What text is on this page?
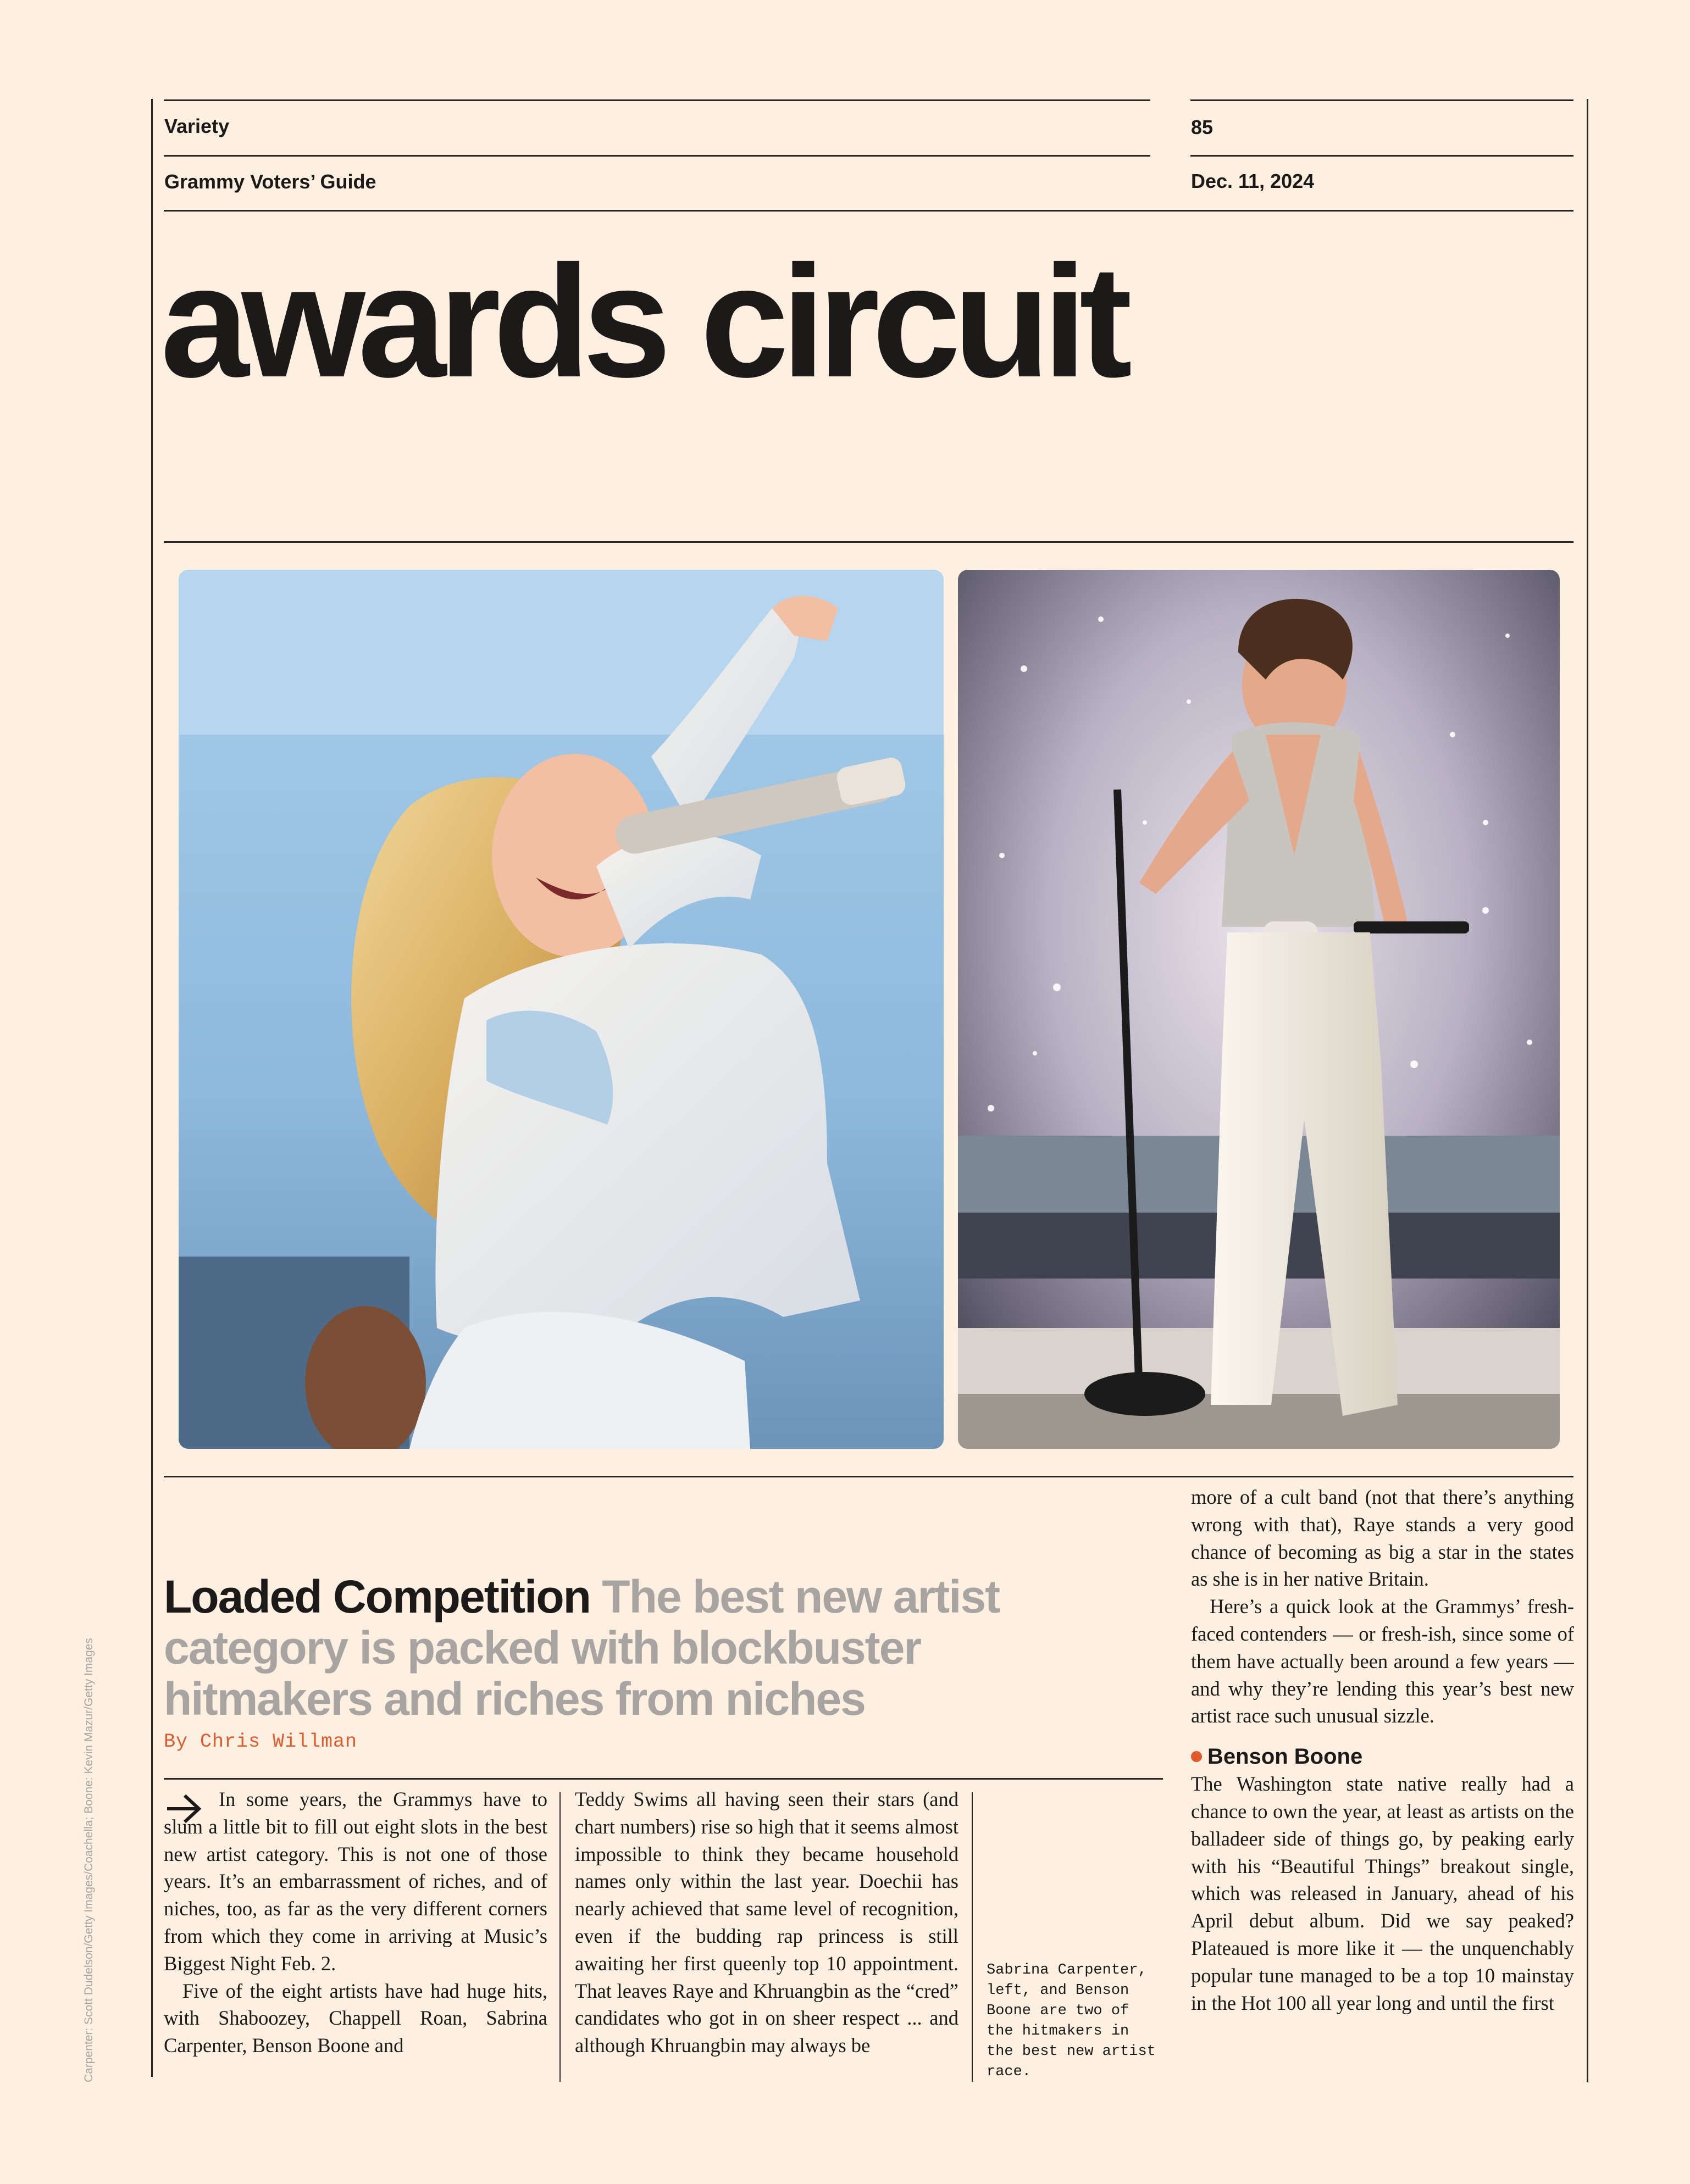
Variety	85
Grammy Voters’ Guide	Dec. 11, 2024
awards circuit
Loaded Competition The best new artist category is packed with blockbuster hitmakers and riches from niches
By Chris Willman

In some years, the Grammys have to slum a little bit to fill out eight slots in the best new artist category. This is not one of those years. It’s an embarrassment of riches, and of niches, too, as far as the very different corners from which they come in arriving at Music’s Biggest Night Feb. 2.

Five of the eight artists have had huge hits, with Shaboozey, Chappell Roan, Sabrina Carpenter, Benson Boone and

Teddy Swims all having seen their stars (and chart numbers) rise so high that it seems almost impossible to think they became household names only within the last year. Doechii has nearly achieved that same level of recognition, even if the budding rap princess is still awaiting her first queenly top 10 appointment. That leaves Raye and Khruangbin as the “cred” candidates who got in on sheer respect ... and although Khruangbin may always be

Sabrina Carpenter, left, and Benson Boone are two of the hitmakers in the best new artist race.

more of a cult band (not that there’s anything wrong with that), Raye stands a very good chance of becoming as big a star in the states as she is in her native Britain.

Here’s a quick look at the Grammys’ fresh-faced contenders — or fresh-ish, since some of them have actually been around a few years — and why they’re lending this year’s best new artist race such unusual sizzle.

Benson Boone

The Washington state native really had a chance to own the year, at least as artists on the balladeer side of things go, by peaking early with his “Beautiful Things” breakout single, which was released in January, ahead of his April debut album. Did we say peaked? Plateaued is more like it — the unquenchably popular tune managed to be a top 10 mainstay in the Hot 100 all year long and until the first

Carpenter: Scott Dudelson/Getty Images/Coachella; Boone: Kevin Mazur/Getty Images
